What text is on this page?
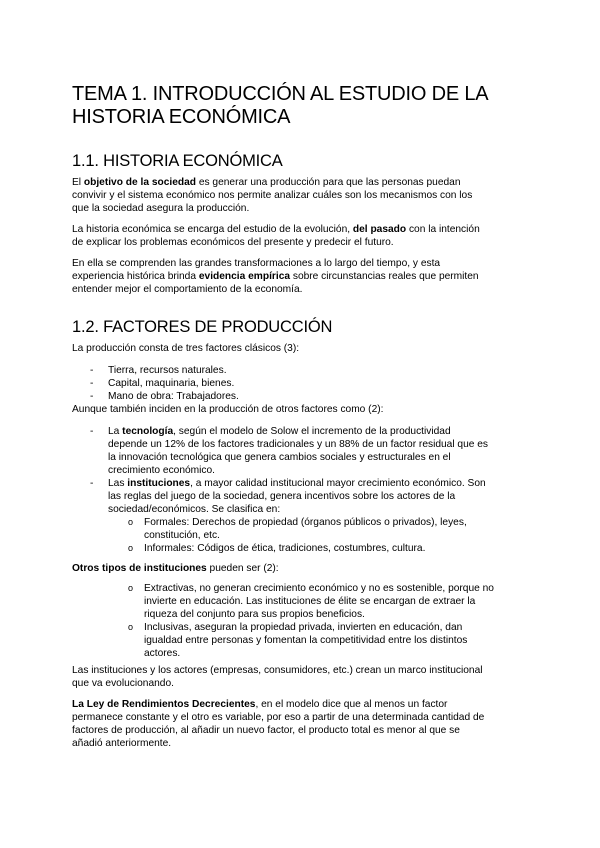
TEMA 1. INTRODUCCIÓN AL ESTUDIO DE LA
HISTORIA ECONÓMICA
1.1. HISTORIA ECONÓMICA
El objetivo de la sociedad es generar una producción para que las personas puedan
convivir y el sistema económico nos permite analizar cuáles son los mecanismos con los
que la sociedad asegura la producción.
La historia económica se encarga del estudio de la evolución, del pasado con la intención
de explicar los problemas económicos del presente y predecir el futuro.
En ella se comprenden las grandes transformaciones a lo largo del tiempo, y esta
experiencia histórica brinda evidencia empírica sobre circunstancias reales que permiten
entender mejor el comportamiento de la economía.
1.2. FACTORES DE PRODUCCIÓN
La producción consta de tres factores clásicos (3):
- Tierra, recursos naturales.
- Capital, maquinaria, bienes.
- Mano de obra: Trabajadores.
Aunque también inciden en la producción de otros factores como (2):
- La tecnología, según el modelo de Solow el incremento de la productividad
depende un 12% de los factores tradicionales y un 88% de un factor residual que es
la innovación tecnológica que genera cambios sociales y estructurales en el
crecimiento económico.
- Las instituciones, a mayor calidad institucional mayor crecimiento económico. Son
las reglas del juego de la sociedad, genera incentivos sobre los actores de la
sociedad/económicos. Se clasifica en:
o Formales: Derechos de propiedad (órganos públicos o privados), leyes,
constitución, etc.
o Informales: Códigos de ética, tradiciones, costumbres, cultura.
Otros tipos de instituciones pueden ser (2):
o Extractivas, no generan crecimiento económico y no es sostenible, porque no
invierte en educación. Las instituciones de élite se encargan de extraer la
riqueza del conjunto para sus propios beneficios.
o Inclusivas, aseguran la propiedad privada, invierten en educación, dan
igualdad entre personas y fomentan la competitividad entre los distintos
actores.
Las instituciones y los actores (empresas, consumidores, etc.) crean un marco institucional
que va evolucionando.
La Ley de Rendimientos Decrecientes, en el modelo dice que al menos un factor
permanece constante y el otro es variable, por eso a partir de una determinada cantidad de
factores de producción, al añadir un nuevo factor, el producto total es menor al que se
añadió anteriormente.
